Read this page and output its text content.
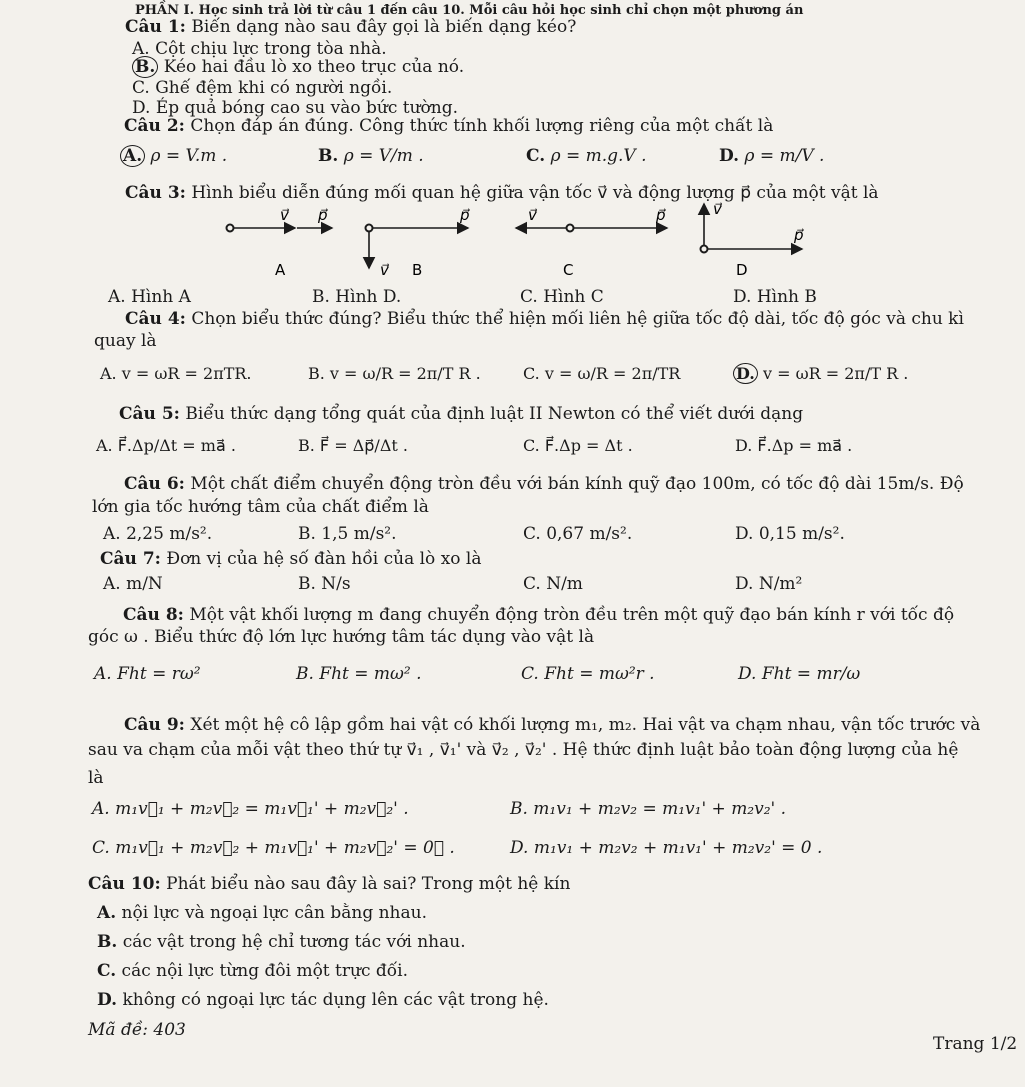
PHẦN I. Học sinh trả lời từ câu 1 đến câu 10. Mỗi câu hỏi học sinh chỉ chọn một phương án
Câu 1: Biến dạng nào sau đây gọi là biến dạng kéo?
A. Cột chịu lực trong tòa nhà.
B. Kéo hai đầu lò xo theo trục của nó.
C. Ghế đệm khi có người ngồi.
D. Ép quả bóng cao su vào bức tường.
Câu 2: Chọn đáp án đúng. Công thức tính khối lượng riêng của một chất là
A. ρ = V.m .	B. ρ = V/m .	C. ρ = m.g.V .	D. ρ = m/V .
Câu 3: Hình biểu diễn đúng mối quan hệ giữa vận tốc v⃗ và động lượng p⃗ của một vật là
v⃗ p⃗
A
p⃗
v⃗ B
v⃗	p⃗
C
v⃗
p⃗
D
A. Hình A	B. Hình D.	C. Hình C	D. Hình B
Câu 4: Chọn biểu thức đúng? Biểu thức thể hiện mối liên hệ giữa tốc độ dài, tốc độ góc và chu kì
quay là
A. v = ωR = 2πTR.	B. v = ω/R = 2π/T R .	C. v = ω/R = 2π/TR	D. v = ωR = 2π/T R .
Câu 5: Biểu thức dạng tổng quát của định luật II Newton có thể viết dưới dạng
A. F⃗.Δp/Δt = ma⃗ .	B. F⃗ = Δp⃗/Δt .	C. F⃗.Δp = Δt .	D. F⃗.Δp = ma⃗ .
Câu 6: Một chất điểm chuyển động tròn đều với bán kính quỹ đạo 100m, có tốc độ dài 15m/s. Độ
lớn gia tốc hướng tâm của chất điểm là
A. 2,25 m/s².	B. 1,5 m/s².	C. 0,67 m/s².	D. 0,15 m/s².
Câu 7: Đơn vị của hệ số đàn hồi của lò xo là
A. m/N	B. N/s	C. N/m	D. N/m²
Câu 8: Một vật khối lượng m đang chuyển động tròn đều trên một quỹ đạo bán kính r với tốc độ
góc ω . Biểu thức độ lớn lực hướng tâm tác dụng vào vật là
A. Fht = rω²	B. Fht = mω² .	C. Fht = mω²r .	D. Fht = mr/ω
Câu 9: Xét một hệ cô lập gồm hai vật có khối lượng m₁, m₂. Hai vật va chạm nhau, vận tốc trước và
sau va chạm của mỗi vật theo thứ tự v⃗₁ , v⃗₁' và v⃗₂ , v⃗₂' . Hệ thức định luật bảo toàn động lượng của hệ
là
A. m₁v⃗₁ + m₂v⃗₂ = m₁v⃗₁' + m₂v⃗₂' .	B. m₁v₁ + m₂v₂ = m₁v₁' + m₂v₂' .
C. m₁v⃗₁ + m₂v⃗₂ + m₁v⃗₁' + m₂v⃗₂' = 0⃗ .	D. m₁v₁ + m₂v₂ + m₁v₁' + m₂v₂' = 0 .
Câu 10: Phát biểu nào sau đây là sai? Trong một hệ kín
A. nội lực và ngoại lực cân bằng nhau.
B. các vật trong hệ chỉ tương tác với nhau.
C. các nội lực từng đôi một trực đối.
D. không có ngoại lực tác dụng lên các vật trong hệ.
Mã đề: 403
Trang 1/2
